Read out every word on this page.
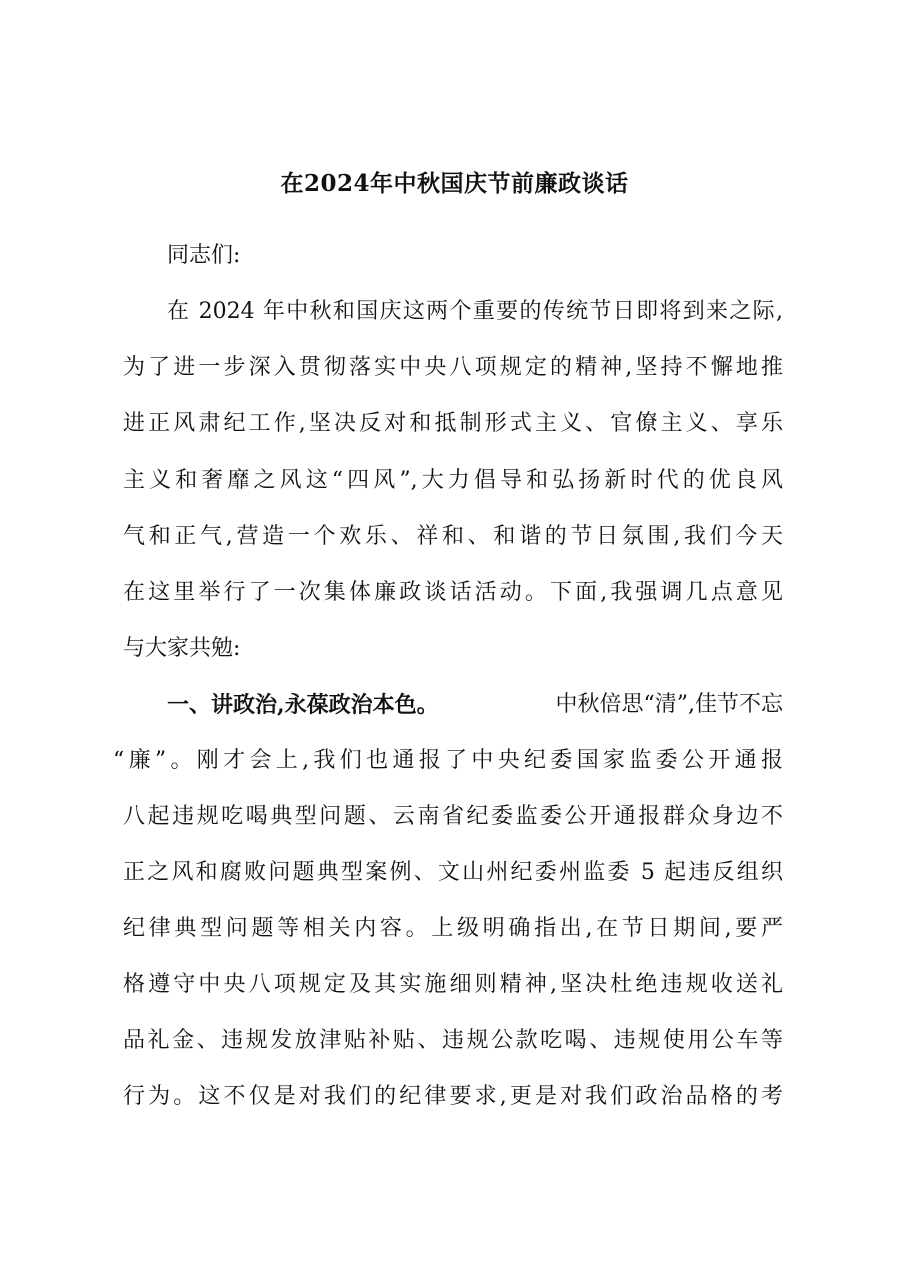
在2024年中秋国庆节前廉政谈话
同志们:
在 2024 年中秋和国庆这两个重要的传统节日即将到来之际,
为了进一步深入贯彻落实中央八项规定的精神,坚持不懈地推
进正风肃纪工作,坚决反对和抵制形式主义、官僚主义、享乐
主义和奢靡之风这“四风”,大力倡导和弘扬新时代的优良风
气和正气,营造一个欢乐、祥和、和谐的节日氛围,我们今天
在这里举行了一次集体廉政谈话活动。下面,我强调几点意见
与大家共勉:
一、讲政治,永葆政治本色。	中秋倍思“清”,佳节不忘
“廉”。刚才会上,我们也通报了中央纪委国家监委公开通报
八起违规吃喝典型问题、云南省纪委监委公开通报群众身边不
正之风和腐败问题典型案例、文山州纪委州监委 5 起违反组织
纪律典型问题等相关内容。上级明确指出,在节日期间,要严
格遵守中央八项规定及其实施细则精神,坚决杜绝违规收送礼
品礼金、违规发放津贴补贴、违规公款吃喝、违规使用公车等
行为。这不仅是对我们的纪律要求,更是对我们政治品格的考
